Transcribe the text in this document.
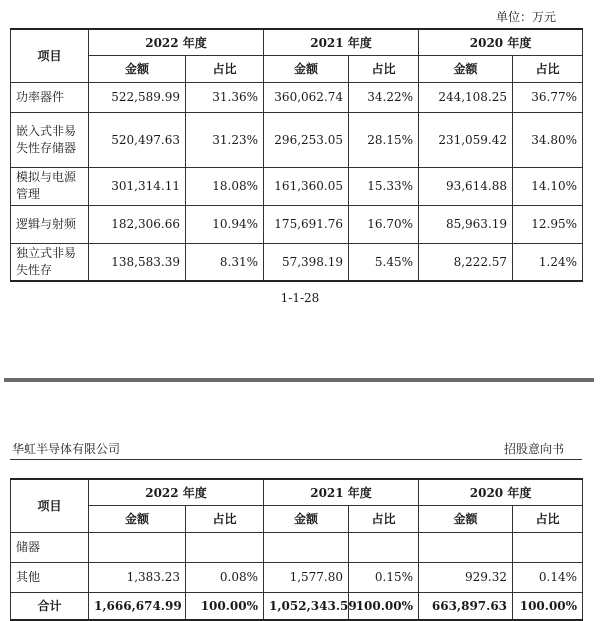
单位：万元
项目	2022 年度		2021 年度		2020 年度	
	金额	占比	金额	占比	金额	占比
功率器件	522,589.99	31.36%	360,062.74	34.22%	244,108.25	36.77%
嵌入式非易失性存储器	520,497.63	31.23%	296,253.05	28.15%	231,059.42	34.80%
模拟与电源管理	301,314.11	18.08%	161,360.05	15.33%	93,614.88	14.10%
逻辑与射频	182,306.66	10.94%	175,691.76	16.70%	85,963.19	12.95%
独立式非易失性存	138,583.39	8.31%	57,398.19	5.45%	8,222.57	1.24%
1-1-28
华虹半导体有限公司	招股意向书
项目	2022 年度		2021 年度		2020 年度	
	金额	占比	金额	占比	金额	占比
储器						
其他	1,383.23	0.08%	1,577.80	0.15%	929.32	0.14%
合计	1,666,674.99	100.00%	1,052,343.59	100.00%	663,897.63	100.00%
